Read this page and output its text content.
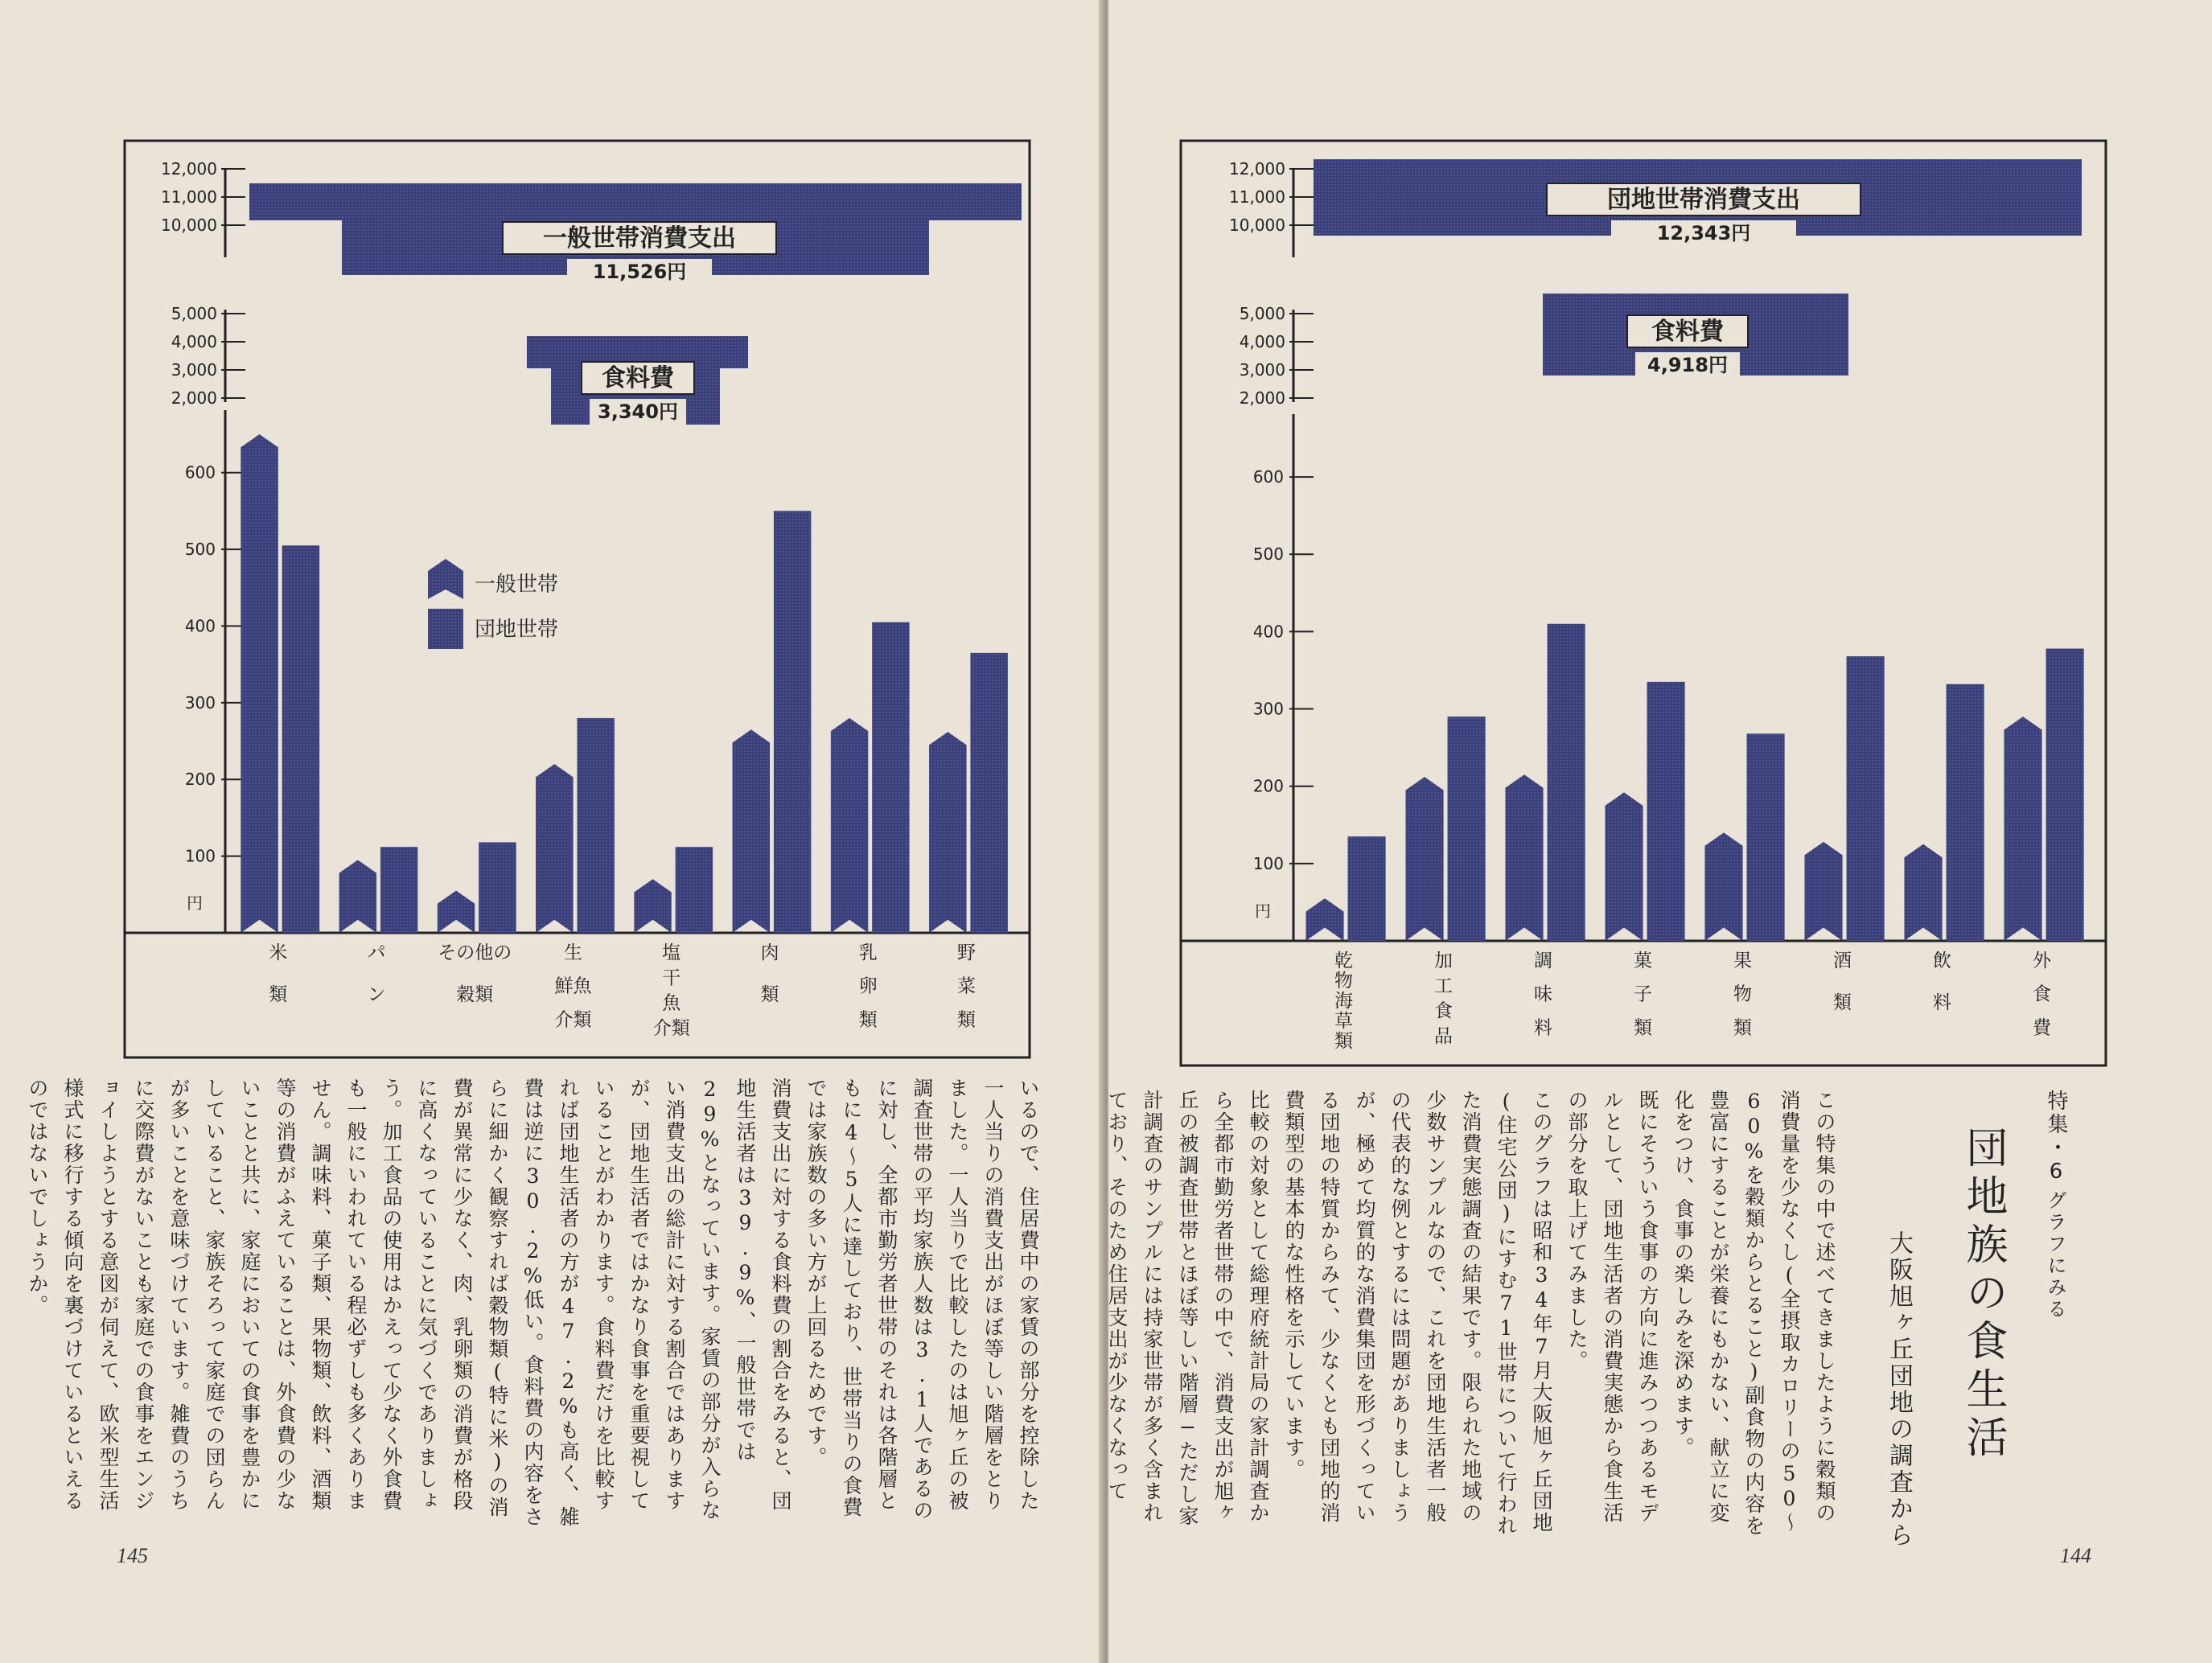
12,000
11,000
10,000
5,000
4,000
3,000
2,000
600
500
400
300
200
100
円
米
類
パ
ン
その他の
穀類
生
鮮魚
介類
塩
干
魚
介類
肉
類
乳
卵
類
野
菜
類
一般世帯消費支出
11,526円
食料費
3,340円
一般世帯
団地世帯
いるので、住居費中の家賃の部分を控除した一人当りの消費支出がほぼ等しい階層をとりました。一人当りで比較したのは旭ヶ丘の被調査世帯の平均家族人数は3.1人であるのに対し、全都市勤労者世帯のそれは各階層ともに4〜5人に達しており、世帯当りの食費では家族数の多い方が上回るためです。
消費支出に対する食料費の割合をみると、団地生活者は39.9%、一般世帯では29%となっています。家賃の部分が入らない消費支出の総計に対する割合ではありますが、団地生活者ではかなり食事を重要視していることがわかります。食料費だけを比較すれば団地生活者の方が47.2%も高く、雑費は逆に30.2%低い。食料費の内容をさらに細かく観察すれば穀物類(特に米)の消費が異常に少なく、肉、乳卵類の消費が格段に高くなっていることに気づくでありましょう。加工食品の使用はかえって少なく外食費も一般にいわれている程必ずしも多くありません。調味料、菓子類、果物類、飲料、酒類等の消費がふえていることは、外食費の少ないことと共に、家庭においての食事を豊かにしていること、家族そろって家庭での団らんが多いことを意味づけています。雑費のうちに交際費がないことも家庭での食事をエンジョイしようとする意図が伺えて、欧米型生活様式に移行する傾向を裏づけているといえるのではないでしょうか。
145
12,000
11,000
10,000
5,000
4,000
3,000
2,000
600
500
400
300
200
100
円
乾
物
海
草
類
加
工
食
品
調
味
料
菓
子
類
果
物
類
酒
類
飲
料
外
食
費
団地世帯消費支出
12,343円
食料費
4,918円
特集・6
グラフにみる
団地族の食生活
大阪旭ヶ丘団地の調査から
この特集の中で述べてきましたように穀類の消費量を少なくし(全摂取カロリーの50〜60%を穀類からとること)副食物の内容を豊富にすることが栄養にもかない、献立に変化をつけ、食事の楽しみを深めます。
既にそういう食事の方向に進みつつあるモデルとして、団地生活者の消費実態から食生活の部分を取上げてみました。
このグラフは昭和34年7月大阪旭ヶ丘団地(住宅公団)にすむ71世帯について行われた消費実態調査の結果です。限られた地域の少数サンプルなので、これを団地生活者一般の代表的な例とするには問題がありましょうが、極めて均質的な消費集団を形づくっている団地の特質からみて、少なくとも団地的消費類型の基本的な性格を示しています。
比較の対象として総理府統計局の家計調査から全都市勤労者世帯の中で、消費支出が旭ヶ丘の被調査世帯とほぼ等しい階層−ただし家計調査のサンプルには持家世帯が多く含まれており、そのため住居支出が少なくなって
144
